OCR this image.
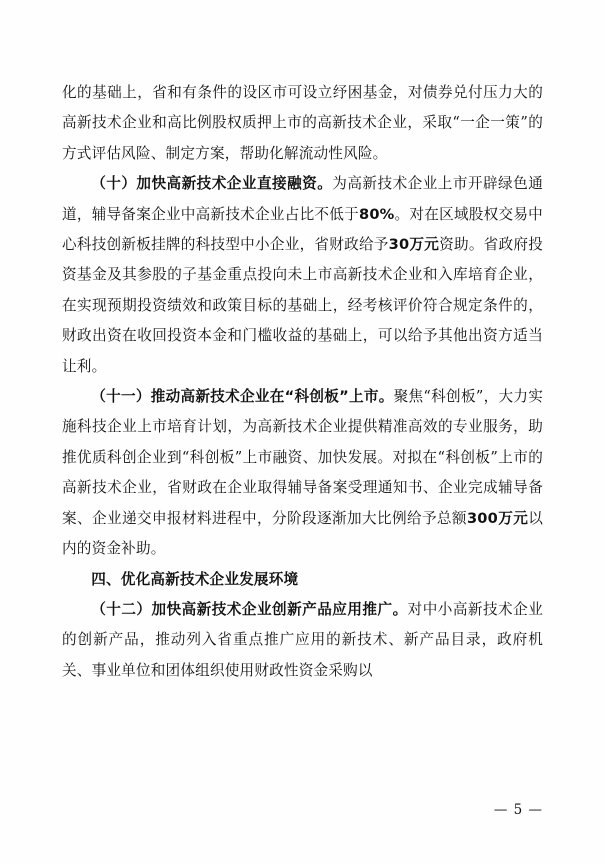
化的基础上，省和有条件的设区市可设立纾困基金，对债券兑付压力大的高新技术企业和高比例股权质押上市的高新技术企业，采取“一企一策”的方式评估风险、制定方案，帮助化解流动性风险。
（十）加快高新技术企业直接融资。为高新技术企业上市开辟绿色通道，辅导备案企业中高新技术企业占比不低于80%。对在区域股权交易中心科技创新板挂牌的科技型中小企业，省财政给予30万元资助。省政府投资基金及其参股的子基金重点投向未上市高新技术企业和入库培育企业，在实现预期投资绩效和政策目标的基础上，经考核评价符合规定条件的，财政出资在收回投资本金和门槛收益的基础上，可以给予其他出资方适当让利。
（十一）推动高新技术企业在“科创板”上市。聚焦“科创板”，大力实施科技企业上市培育计划，为高新技术企业提供精准高效的专业服务，助推优质科创企业到“科创板”上市融资、加快发展。对拟在“科创板”上市的高新技术企业，省财政在企业取得辅导备案受理通知书、企业完成辅导备案、企业递交申报材料进程中，分阶段逐渐加大比例给予总额300万元以内的资金补助。
四、优化高新技术企业发展环境
（十二）加快高新技术企业创新产品应用推广。对中小高新技术企业的创新产品，推动列入省重点推广应用的新技术、新产品目录，政府机关、事业单位和团体组织使用财政性资金采购以
— 5 —
